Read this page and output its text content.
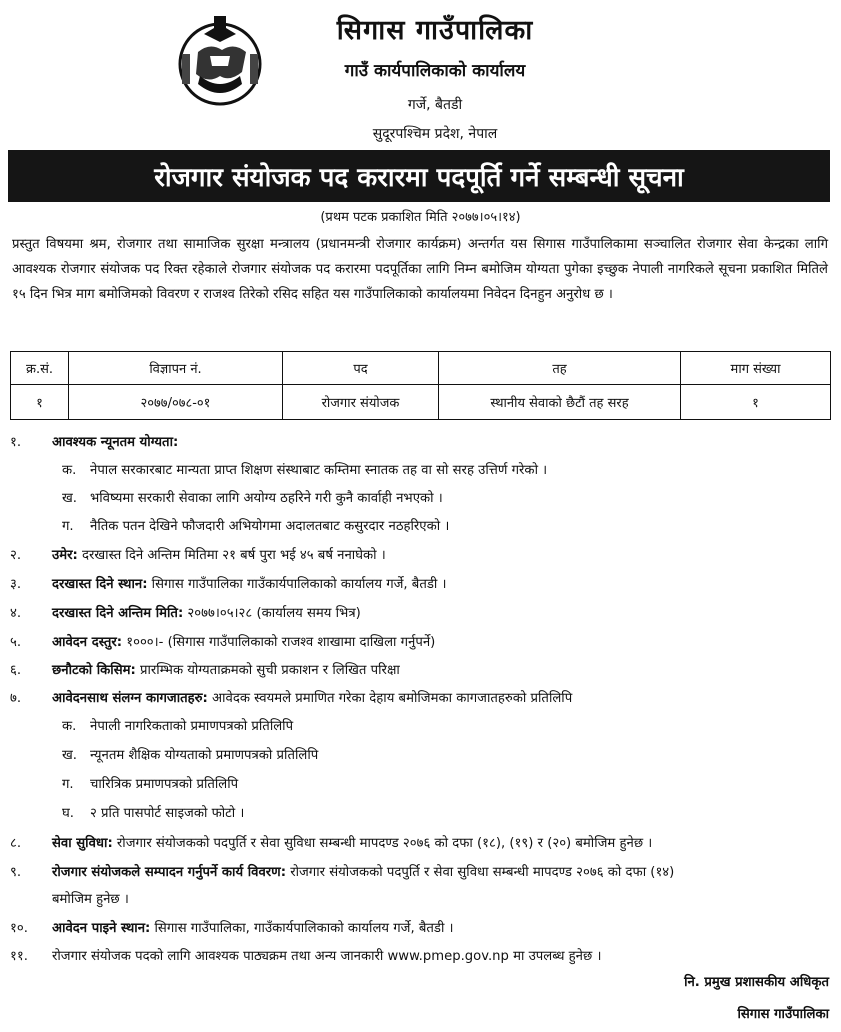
सिगास गाउँपालिका
गाउँ कार्यपालिकाको कार्यालय
गर्जे, बैतडी
सुदूरपश्चिम प्रदेश, नेपाल
रोजगार संयोजक पद करारमा पदपूर्ति गर्ने सम्बन्धी सूचना
(प्रथम पटक प्रकाशित मिति २०७७।०५।१४)
प्रस्तुत विषयमा श्रम, रोजगार तथा सामाजिक सुरक्षा मन्त्रालय (प्रधानमन्त्री रोजगार कार्यक्रम) अन्तर्गत यस सिगास गाउँपालिकामा सञ्चालित रोजगार सेवा केन्द्रका लागि आवश्यक रोजगार संयोजक पद रिक्त रहेकाले रोजगार संयोजक पद करारमा पदपूर्तिका लागि निम्न बमोजिम योग्यता पुगेका इच्छुक नेपाली नागरिकले सूचना प्रकाशित मितिले १५ दिन भित्र माग बमोजिमको विवरण र राजश्व तिरेको रसिद सहित यस गाउँपालिकाको कार्यालयमा निवेदन दिनहुन अनुरोध छ ।
क्र.सं.	विज्ञापन नं.	पद	तह	माग संख्या
१	२०७७/०७८-०१	रोजगार संयोजक	स्थानीय सेवाको छैटौं तह सरह	१
१. आवश्यक न्यूनतम योग्यता:
क. नेपाल सरकारबाट मान्यता प्राप्त शिक्षण संस्थाबाट कम्तिमा स्नातक तह वा सो सरह उत्तिर्ण गरेको ।
ख. भविष्यमा सरकारी सेवाका लागि अयोग्य ठहरिने गरी कुनै कार्वाही नभएको ।
ग. नैतिक पतन देखिने फौजदारी अभियोगमा अदालतबाट कसुरदार नठहरिएको ।
२. उमेर: दरखास्त दिने अन्तिम मितिमा २१ बर्ष पुरा भई ४५ बर्ष ननाघेको ।
३. दरखास्त दिने स्थान: सिगास गाउँपालिका गाउँकार्यपालिकाको कार्यालय गर्जे, बैतडी ।
४. दरखास्त दिने अन्तिम मिति: २०७७।०५।२८ (कार्यालय समय भित्र)
५. आवेदन दस्तुर: १०००।- (सिगास गाउँपालिकाको राजश्व शाखामा दाखिला गर्नुपर्ने)
६. छनौटको किसिम: प्रारम्भिक योग्यताक्रमको सुची प्रकाशन र लिखित परिक्षा
७. आवेदनसाथ संलग्न कागजातहरु: आवेदक स्वयमले प्रमाणित गरेका देहाय बमोजिमका कागजातहरुको प्रतिलिपि
क. नेपाली नागरिकताको प्रमाणपत्रको प्रतिलिपि
ख. न्यूनतम शैक्षिक योग्यताको प्रमाणपत्रको प्रतिलिपि
ग. चारित्रिक प्रमाणपत्रको प्रतिलिपि
घ. २ प्रति पासपोर्ट साइजको फोटो ।
८. सेवा सुविधा: रोजगार संयोजकको पदपुर्ति र सेवा सुविधा सम्बन्धी मापदण्ड २०७६ को दफा (१८), (१९) र (२०) बमोजिम हुनेछ ।
९. रोजगार संयोजकले सम्पादन गर्नुपर्ने कार्य विवरण: रोजगार संयोजकको पदपुर्ति र सेवा सुविधा सम्बन्धी मापदण्ड २०७६ को दफा (१४)
बमोजिम हुनेछ ।
१०. आवेदन पाइने स्थान: सिगास गाउँपालिका, गाउँकार्यपालिकाको कार्यालय गर्जे, बैतडी ।
११. रोजगार संयोजक पदको लागि आवश्यक पाठ्यक्रम तथा अन्य जानकारी www.pmep.gov.np मा उपलब्ध हुनेछ ।
नि. प्रमुख प्रशासकीय अधिकृत
सिगास गाउँपालिका
